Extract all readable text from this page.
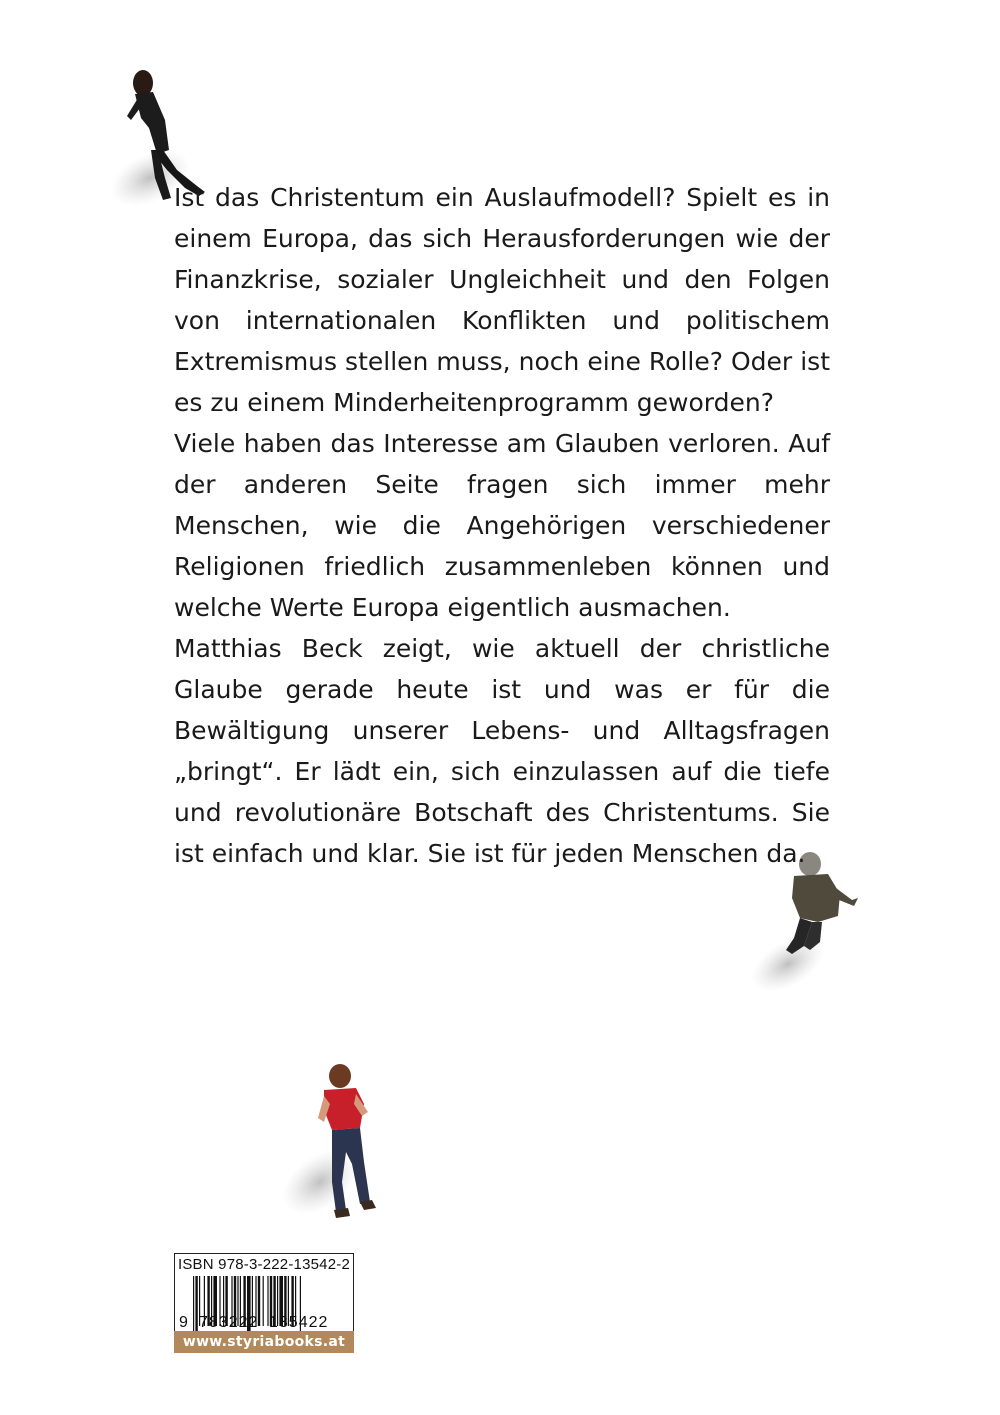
Ist das Christentum ein Auslaufmodell? Spielt es in einem Europa, das sich Herausforderungen wie der Finanzkrise, sozialer Ungleichheit und den Folgen von internationalen Konflikten und politischem Extremismus stellen muss, noch eine Rolle? Oder ist es zu einem Minderheitenprogramm geworden?

Viele haben das Interesse am Glauben verloren. Auf der anderen Seite fragen sich immer mehr Menschen, wie die Angehörigen verschiedener Religionen friedlich zusammenleben können und welche Werte Europa eigentlich ausmachen.

Matthias Beck zeigt, wie aktuell der christliche Glaube gerade heute ist und was er für die Bewältigung unserer Lebens- und Alltagsfragen „bringt“. Er lädt ein, sich einzulassen auf die tiefe und revolutionäre Botschaft des Christentums. Sie ist einfach und klar. Sie ist für jeden Menschen da.

ISBN 978-3-222-13542-2
9 783222 135422
www.styriabooks.at
